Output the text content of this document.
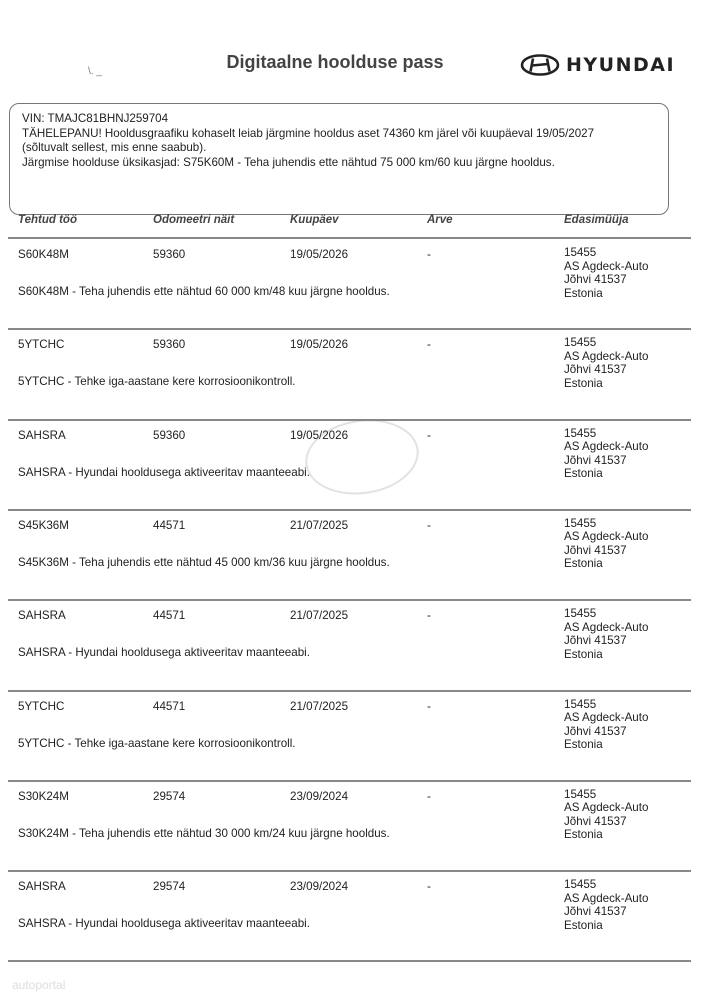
Digitaalne hoolduse pass
\. _	HYUNDAI
VIN: TMAJC81BHNJ259704
TÄHELEPANU! Hooldusgraafiku kohaselt leiab järgmine hooldus aset 74360 km järel või kuupäeval 19/05/2027
(sõltuvalt sellest, mis enne saabub).
Järgmise hoolduse üksikasjad: S75K60M - Teha juhendis ette nähtud 75 000 km/60 kuu järgne hooldus.
Tehtud töö	Odomeetri näit	Kuupäev	Arve	Edasimüüja
S60K48M	59360	19/05/2026	-	15455
AS Agdeck-Auto
Jõhvi 41537
Estonia
S60K48M - Teha juhendis ette nähtud 60 000 km/48 kuu järgne hooldus.
5YTCHC	59360	19/05/2026	-	15455
AS Agdeck-Auto
Jõhvi 41537
Estonia
5YTCHC - Tehke iga-aastane kere korrosioonikontroll.
SAHSRA	59360	19/05/2026	-	15455
AS Agdeck-Auto
Jõhvi 41537
Estonia
SAHSRA - Hyundai hooldusega aktiveeritav maanteeabi.
S45K36M	44571	21/07/2025	-	15455
AS Agdeck-Auto
Jõhvi 41537
Estonia
S45K36M - Teha juhendis ette nähtud 45 000 km/36 kuu järgne hooldus.
SAHSRA	44571	21/07/2025	-	15455
AS Agdeck-Auto
Jõhvi 41537
Estonia
SAHSRA - Hyundai hooldusega aktiveeritav maanteeabi.
5YTCHC	44571	21/07/2025	-	15455
AS Agdeck-Auto
Jõhvi 41537
Estonia
5YTCHC - Tehke iga-aastane kere korrosioonikontroll.
S30K24M	29574	23/09/2024	-	15455
AS Agdeck-Auto
Jõhvi 41537
Estonia
S30K24M - Teha juhendis ette nähtud 30 000 km/24 kuu järgne hooldus.
SAHSRA	29574	23/09/2024	-	15455
AS Agdeck-Auto
Jõhvi 41537
Estonia
SAHSRA - Hyundai hooldusega aktiveeritav maanteeabi.
autoportal
